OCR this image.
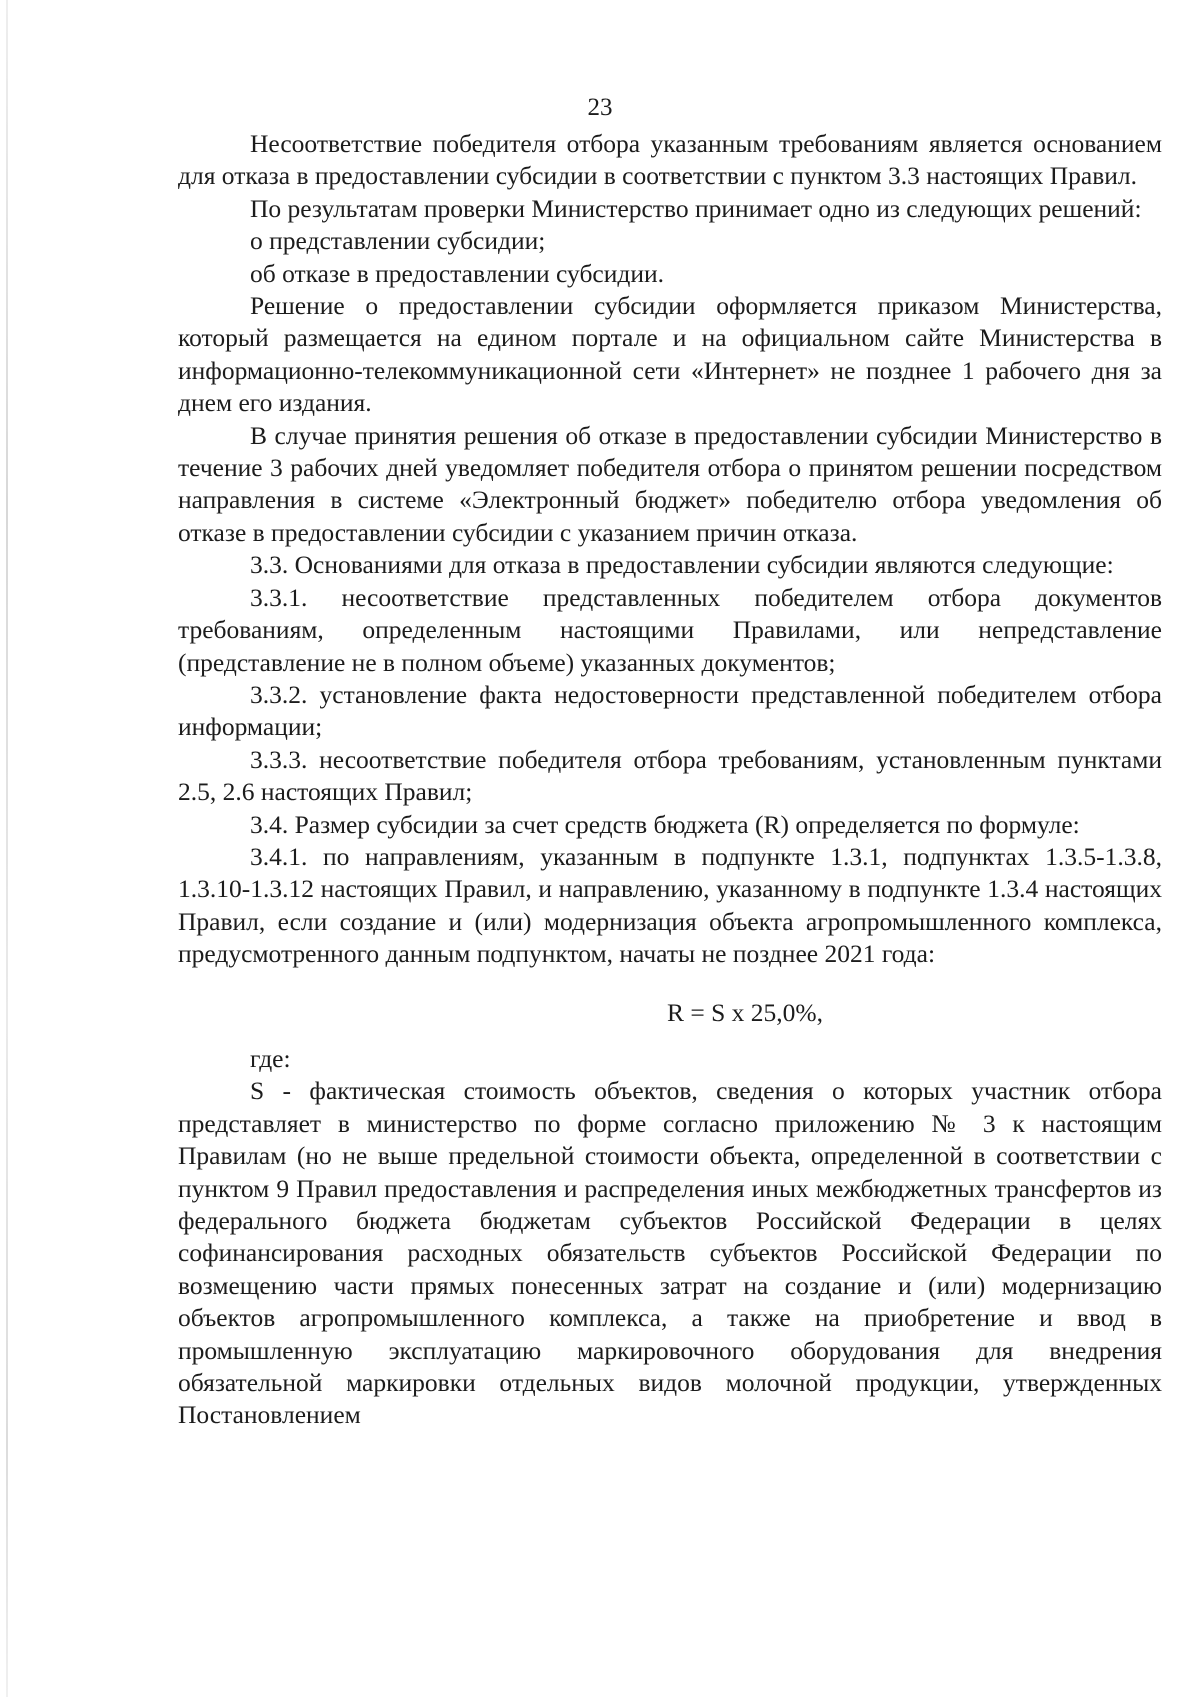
23

Несоответствие победителя отбора указанным требованиям является основанием для отказа в предоставлении субсидии в соответствии с пунктом 3.3 настоящих Правил.

По результатам проверки Министерство принимает одно из следующих решений:

о представлении субсидии;

об отказе в предоставлении субсидии.

Решение о предоставлении субсидии оформляется приказом Министерства, который размещается на едином портале и на официальном сайте Министерства в информационно-телекоммуникационной сети «Интернет» не позднее 1 рабочего дня за днем его издания.

В случае принятия решения об отказе в предоставлении субсидии Министерство в течение 3 рабочих дней уведомляет победителя отбора о принятом решении посредством направления в системе «Электронный бюджет» победителю отбора уведомления об отказе в предоставлении субсидии с указанием причин отказа.

3.3. Основаниями для отказа в предоставлении субсидии являются следующие:

3.3.1. несоответствие представленных победителем отбора документов требованиям, определенным настоящими Правилами, или непредставление (представление не в полном объеме) указанных документов;

3.3.2. установление факта недостоверности представленной победителем отбора информации;

3.3.3. несоответствие победителя отбора требованиям, установленным пунктами 2.5, 2.6 настоящих Правил;

3.4. Размер субсидии за счет средств бюджета (R) определяется по формуле:

3.4.1. по направлениям, указанным в подпункте 1.3.1, подпунктах 1.3.5-1.3.8, 1.3.10-1.3.12 настоящих Правил, и направлению, указанному в подпункте 1.3.4 настоящих Правил, если создание и (или) модернизация объекта агропромышленного комплекса, предусмотренного данным подпунктом, начаты не позднее 2021 года:

R = S x 25,0%,

где:

S - фактическая стоимость объектов, сведения о которых участник отбора представляет в министерство по форме согласно приложению № 3 к настоящим Правилам (но не выше предельной стоимости объекта, определенной в соответствии с пунктом 9 Правил предоставления и распределения иных межбюджетных трансфертов из федерального бюджета бюджетам субъектов Российской Федерации в целях софинансирования расходных обязательств субъектов Российской Федерации по возмещению части прямых понесенных затрат на создание и (или) модернизацию объектов агропромышленного комплекса, а также на приобретение и ввод в промышленную эксплуатацию маркировочного оборудования для внедрения обязательной маркировки отдельных видов молочной продукции, утвержденных Постановлением
